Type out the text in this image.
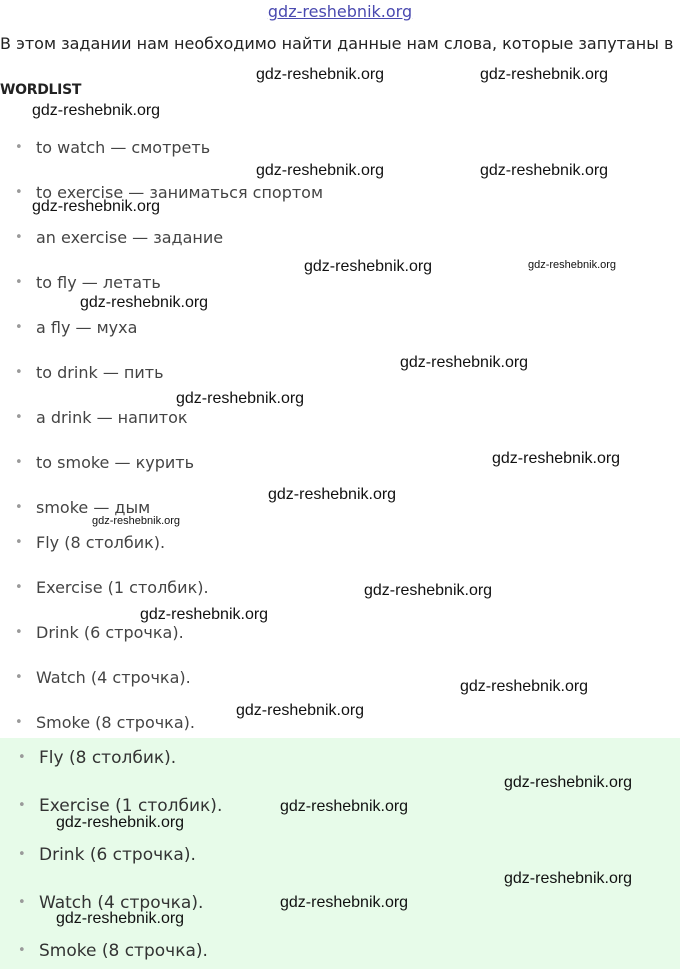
gdz-reshebnik.org
В этом задании нам необходимо найти данные нам слова, которые запутаны в
WORDLIST
to watch — смотреть
to exercise — заниматься спортом
an exercise — задание
to fly — летать
a fly — муха
to drink — пить
a drink — напиток
to smoke — курить
smoke — дым
Fly (8 столбик).
Exercise (1 столбик).
Drink (6 строчка).
Watch (4 строчка).
Smoke (8 строчка).
Fly (8 столбик).
Exercise (1 столбик).
Drink (6 строчка).
Watch (4 строчка).
Smoke (8 строчка).
gdz-reshebnik.org	gdz-reshebnik.org
gdz-reshebnik.org
gdz-reshebnik.org	gdz-reshebnik.org
gdz-reshebnik.org
gdz-reshebnik.org	gdz-reshebnik.org
gdz-reshebnik.org
gdz-reshebnik.org
gdz-reshebnik.org
gdz-reshebnik.org
gdz-reshebnik.org
gdz-reshebnik.org
gdz-reshebnik.org
gdz-reshebnik.org
gdz-reshebnik.org
gdz-reshebnik.org
gdz-reshebnik.org
gdz-reshebnik.org
gdz-reshebnik.org
gdz-reshebnik.org
gdz-reshebnik.org
gdz-reshebnik.org
